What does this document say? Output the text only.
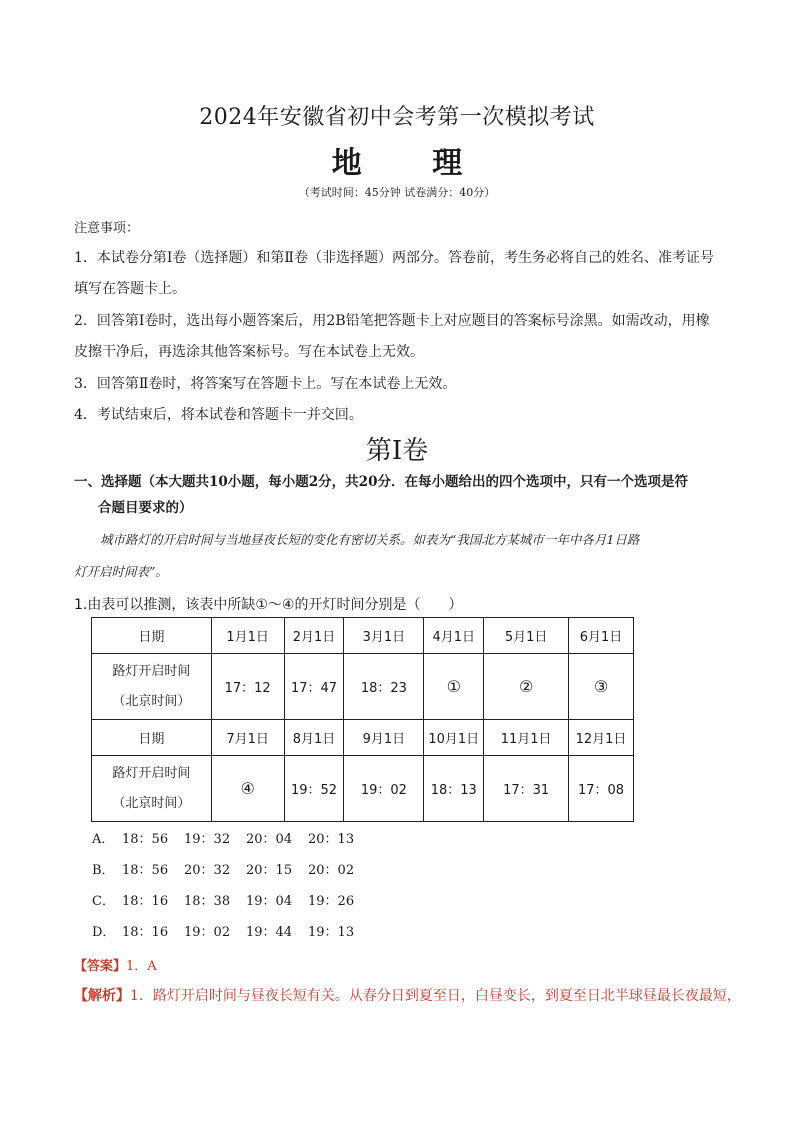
2024年安徽省初中会考第一次模拟考试
地 理
（考试时间：45分钟 试卷满分：40分）
注意事项：
1．本试卷分第Ⅰ卷（选择题）和第Ⅱ卷（非选择题）两部分。答卷前，考生务必将自己的姓名、准考证号
填写在答题卡上。
2．回答第Ⅰ卷时，选出每小题答案后，用2B铅笔把答题卡上对应题目的答案标号涂黑。如需改动，用橡
皮擦干净后，再选涂其他答案标号。写在本试卷上无效。
3．回答第Ⅱ卷时，将答案写在答题卡上。写在本试卷上无效。
4．考试结束后，将本试卷和答题卡一并交回。
第Ⅰ卷
一、选择题（本大题共10小题，每小题2分，共20分．在每小题给出的四个选项中，只有一个选项是符
合题目要求的）
城市路灯的开启时间与当地昼夜长短的变化有密切关系。如表为“我国北方某城市一年中各月1日路
灯开启时间表”。
1.由表可以推测，该表中所缺①～④的开灯时间分别是（　　）
日期	1月1日	2月1日	3月1日	4月1日	5月1日	6月1日

路灯开启时间
（北京时间）	17：12	17：47	18：23	①	②	③
日期	7月1日	8月1日	9月1日	10月1日	11月1日	12月1日

路灯开启时间
（北京时间）	④	19：52	19：02	18：13	17：31	17：08
A． 18：56 19：32 20：04 20：13
B． 18：56 20：32 20：15 20：02
C． 18：16 18：38 19：04 19：26
D． 18：16 19：02 19：44 19：13
【答案】1．A
【解析】1．路灯开启时间与昼夜长短有关。从春分日到夏至日，白昼变长，到夏至日北半球昼最长夜最短，
